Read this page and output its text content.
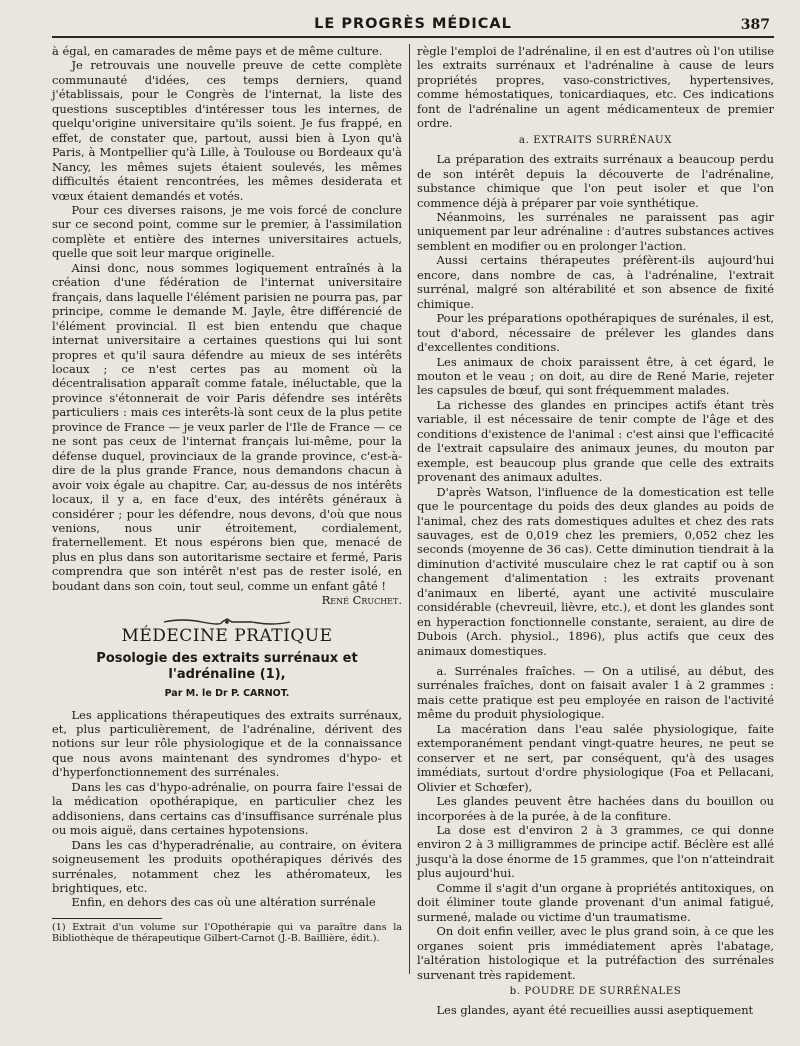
LE PROGRÈS MÉDICAL	387

à égal, en camarades de même pays et de même culture.

Je retrouvais une nouvelle preuve de cette complète communauté d'idées, ces temps derniers, quand j'établissais, pour le Congrès de l'internat, la liste des questions susceptibles d'intéresser tous les internes, de quelqu'origine universitaire qu'ils soient. Je fus frappé, en effet, de constater que, partout, aussi bien à Lyon qu'à Paris, à Montpellier qu'à Lille, à Toulouse ou Bordeaux qu'à Nancy, les mêmes sujets étaient soulevés, les mêmes difficultés étaient rencontrées, les mêmes desiderata et vœux étaient demandés et votés.

Pour ces diverses raisons, je me vois forcé de conclure sur ce second point, comme sur le premier, à l'assimilation complète et entière des internes universitaires actuels, quelle que soit leur marque originelle.

Ainsi donc, nous sommes logiquement entraînés à la création d'une fédération de l'internat universitaire français, dans laquelle l'élément parisien ne pourra pas, par principe, comme le demande M. Jayle, être différencié de l'élément provincial. Il est bien entendu que chaque internat universitaire a certaines questions qui lui sont propres et qu'il saura défendre au mieux de ses intérêts locaux ; ce n'est certes pas au moment où la décentralisation apparaît comme fatale, inéluctable, que la province s'étonnerait de voir Paris défendre ses intérêts particuliers : mais ces interêts-là sont ceux de la plus petite province de France — je veux parler de l'Ile de France — ce ne sont pas ceux de l'internat français lui-même, pour la défense duquel, provinciaux de la grande province, c'est-à-dire de la plus grande France, nous demandons chacun à avoir voix égale au chapitre. Car, au-dessus de nos intérêts locaux, il y a, en face d'eux, des intérêts généraux à considérer ; pour les défendre, nous devons, d'où que nous venions, nous unir étroitement, cordialement, fraternellement. Et nous espérons bien que, menacé de plus en plus dans son autoritarisme sectaire et fermé, Paris comprendra que son intérêt n'est pas de rester isolé, en boudant dans son coin, tout seul, comme un enfant gâté !

René Cruchet.

MÉDECINE PRATIQUE
Posologie des extraits surrénaux et
l'adrénaline (1),
Par M. le Dr P. CARNOT.

Les applications thérapeutiques des extraits surrénaux, et, plus particulièrement, de l'adrénaline, dérivent des notions sur leur rôle physiologique et de la connaissance que nous avons maintenant des syndromes d'hypo- et d'hyperfonctionnement des surrénales.

Dans les cas d'hypo-adrénalie, on pourra faire l'essai de la médication opothérapique, en particulier chez les addisoniens, dans certains cas d'insuffisance surrénale plus ou mois aiguë, dans certaines hypotensions.

Dans les cas d'hyperadrénalie, au contraire, on évitera soigneusement les produits opothérapiques dérivés des surrénales, notamment chez les athéromateux, les brightiques, etc.

Enfin, en dehors des cas où une altération surrénale

(1) Extrait d'un volume sur l'Opothérapie qui va paraître dans la Bibliothèque de thérapeutique Gilbert-Carnot (J.-B. Baillière, édit.).

règle l'emploi de l'adrénaline, il en est d'autres où l'on utilise les extraits surrénaux et l'adrénaline à cause de leurs propriétés propres, vaso-constrictives, hypertensives, comme hémostatiques, tonicardiaques, etc. Ces indications font de l'adrénaline un agent médicamenteux de premier ordre.

a. EXTRAITS SURRÉNAUX

La préparation des extraits surrénaux a beaucoup perdu de son intérêt depuis la découverte de l'adrénaline, substance chimique que l'on peut isoler et que l'on commence déjà à préparer par voie synthétique.

Néanmoins, les surrénales ne paraissent pas agir uniquement par leur adrénaline : d'autres substances actives semblent en modifier ou en prolonger l'action.

Aussi certains thérapeutes préfèrent-ils aujourd'hui encore, dans nombre de cas, à l'adrénaline, l'extrait surrénal, malgré son altérabilité et son absence de fixité chimique.

Pour les préparations opothérapiques de surénales, il est, tout d'abord, nécessaire de prélever les glandes dans d'excellentes conditions.

Les animaux de choix paraissent être, à cet égard, le mouton et le veau ; on doit, au dire de René Marie, rejeter les capsules de bœuf, qui sont fréquemment malades.

La richesse des glandes en principes actifs étant très variable, il est nécessaire de tenir compte de l'âge et des conditions d'existence de l'animal : c'est ainsi que l'efficacité de l'extrait capsulaire des animaux jeunes, du mouton par exemple, est beaucoup plus grande que celle des extraits provenant des animaux adultes.

D'après Watson, l'influence de la domestication est telle que le pourcentage du poids des deux glandes au poids de l'animal, chez des rats domestiques adultes et chez des rats sauvages, est de 0,019 chez les premiers, 0,052 chez les seconds (moyenne de 36 cas). Cette diminution tiendrait à la diminution d'activité musculaire chez le rat captif ou à son changement d'alimentation : les extraits provenant d'animaux en liberté, ayant une activité musculaire considérable (chevreuil, lièvre, etc.), et dont les glandes sont en hyperaction fonctionnelle constante, seraient, au dire de Dubois (Arch. physiol., 1896), plus actifs que ceux des animaux domestiques.

a. Surrénales fraîches. — On a utilisé, au début, des surrénales fraîches, dont on faisait avaler 1 à 2 grammes : mais cette pratique est peu employée en raison de l'activité même du produit physiologique.

La macération dans l'eau salée physiologique, faite extemporanément pendant vingt-quatre heures, ne peut se conserver et ne sert, par conséquent, qu'à des usages immédiats, surtout d'ordre physiologique (Foa et Pellacani, Olivier et Schœfer),

Les glandes peuvent être hachées dans du bouillon ou incorporées à de la purée, à de la confiture.

La dose est d'environ 2 à 3 grammes, ce qui donne environ 2 à 3 milligrammes de principe actif. Béclère est allé jusqu'à la dose énorme de 15 grammes, que l'on n'atteindrait plus aujourd'hui.

Comme il s'agit d'un organe à propriétés antitoxiques, on doit éliminer toute glande provenant d'un animal fatigué, surmené, malade ou victime d'un traumatisme.

On doit enfin veiller, avec le plus grand soin, à ce que les organes soient pris immédiatement après l'abatage, l'altération histologique et la putréfaction des surrénales survenant très rapidement.

b. POUDRE DE SURRÉNALES

Les glandes, ayant été recueillies aussi aseptiquement
